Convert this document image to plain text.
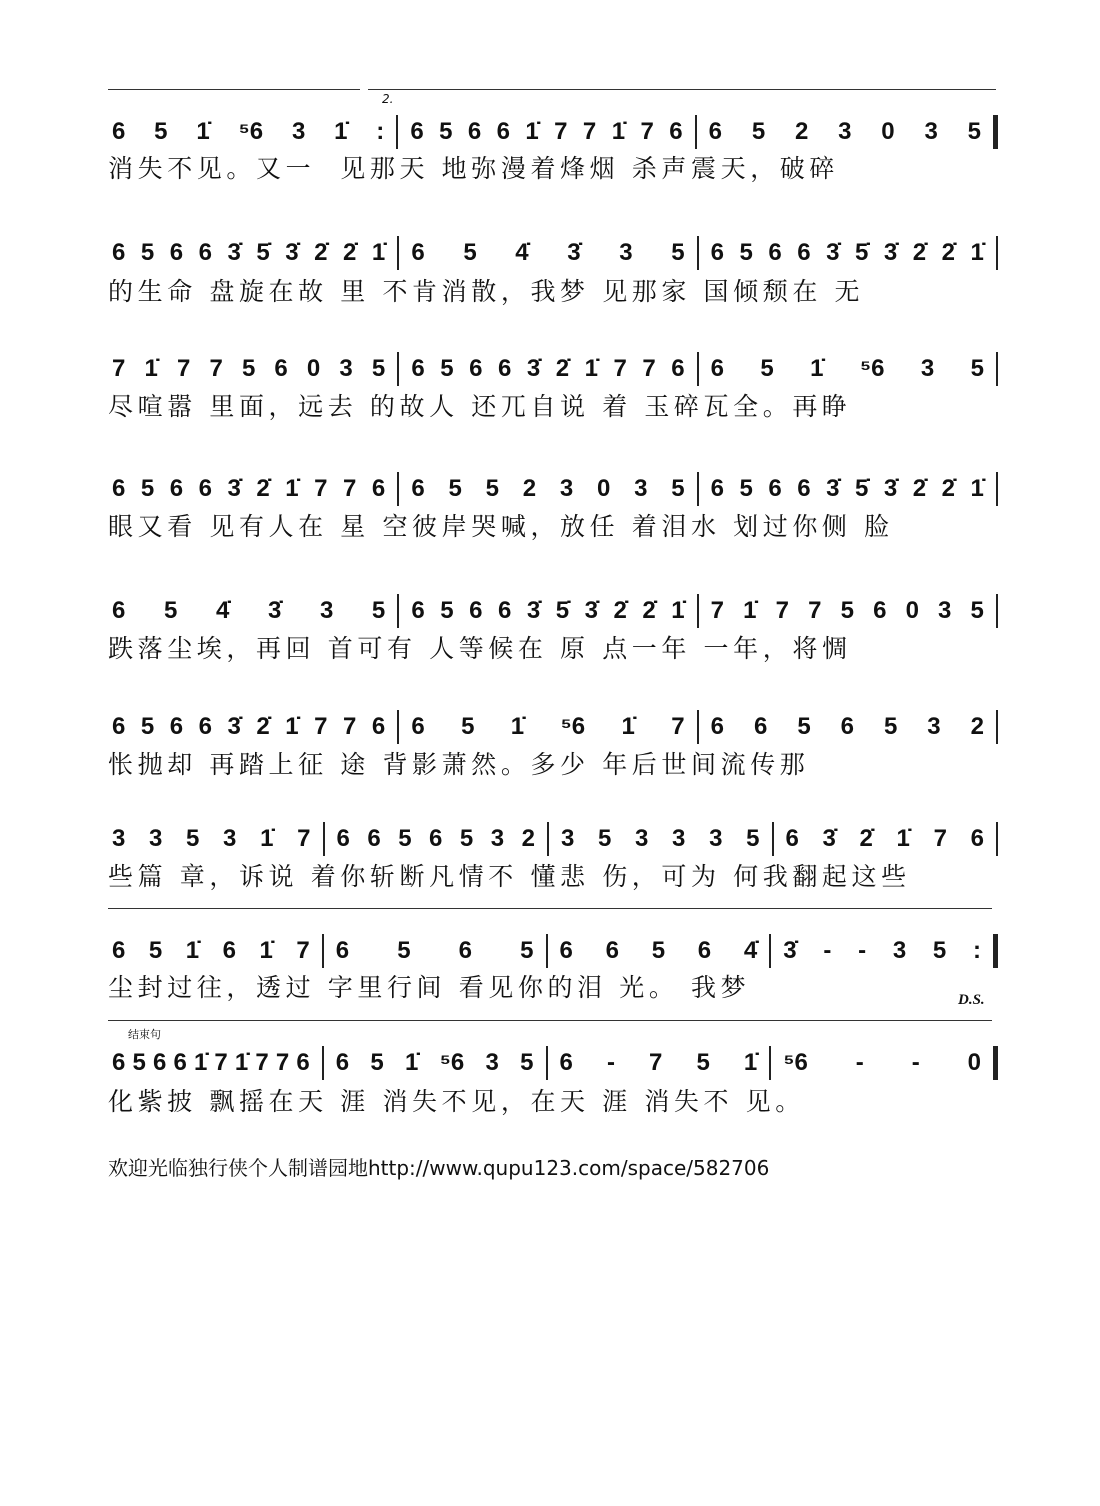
2.
结束句
D.S.
6 5 1̇ ⁵6 3 1̇ : 6 5 6 6 1̇ 7 7 1̇ 7 6 6 5 2 3 0 3 5
消失不见。又一  见那天 地弥漫着烽烟 杀声震天，破碎
6 5 6 6 3̇ 5̇ 3̇ 2̇ 2̇ 1̇ 6 5 4̇ 3̇ 3 5 6 5 6 6 3̇ 5̇ 3̇ 2̇ 2̇ 1̇
的生命 盘旋在故 里 不肯消散，我梦 见那家 国倾颓在 无
7 1̇ 7 7 5 6 0 3 5 6 5 6 6 3̇ 2̇ 1̇ 7 7 6 6 5 1̇ ⁵6 3 5
尽喧嚣 里面，远去 的故人 还兀自说 着 玉碎瓦全。再睁
6 5 6 6 3̇ 2̇ 1̇ 7 7 6 6 5 5 2 3 0 3 5 6 5 6 6 3̇ 5̇ 3̇ 2̇ 2̇ 1̇
眼又看 见有人在 星 空彼岸哭喊，放任 着泪水 划过你侧 脸
6 5 4̇ 3̇ 3 5 6 5 6 6 3̇ 5̇ 3̇ 2̇ 2̇ 1̇ 7 1̇ 7 7 5 6 0 3 5
跌落尘埃，再回 首可有 人等候在 原 点一年 一年，将惆
6 5 6 6 3̇ 2̇ 1̇ 7 7 6 6 5 1̇ ⁵6 1̇ 7 6 6 5 6 5 3 2
怅抛却 再踏上征 途 背影萧然。多少 年后世间流传那
3 3 5 3 1̇ 7 6 6 5 6 5 3 2 3 5 3 3 3 5 6 3̇ 2̇ 1̇ 7 6
些篇 章，诉说 着你斩断凡情不 懂悲 伤，可为 何我翻起这些
6 5 1̇ 6 1̇ 7 6 5 6 5 6 6 5 6 4̇ 3̇ - - 3 5 :
尘封过往，透过 字里行间 看见你的泪 光。 我梦
6 5 6 6 1̇ 7 1̇ 7 7 6 6 5 1̇ ⁵6 3 5 6 - 7 5 1̇ ⁵6 - - 0
化紫披 飘摇在天 涯 消失不见，在天 涯 消失不 见。
欢迎光临独行侠个人制谱园地http://www.qupu123.com/space/582706
